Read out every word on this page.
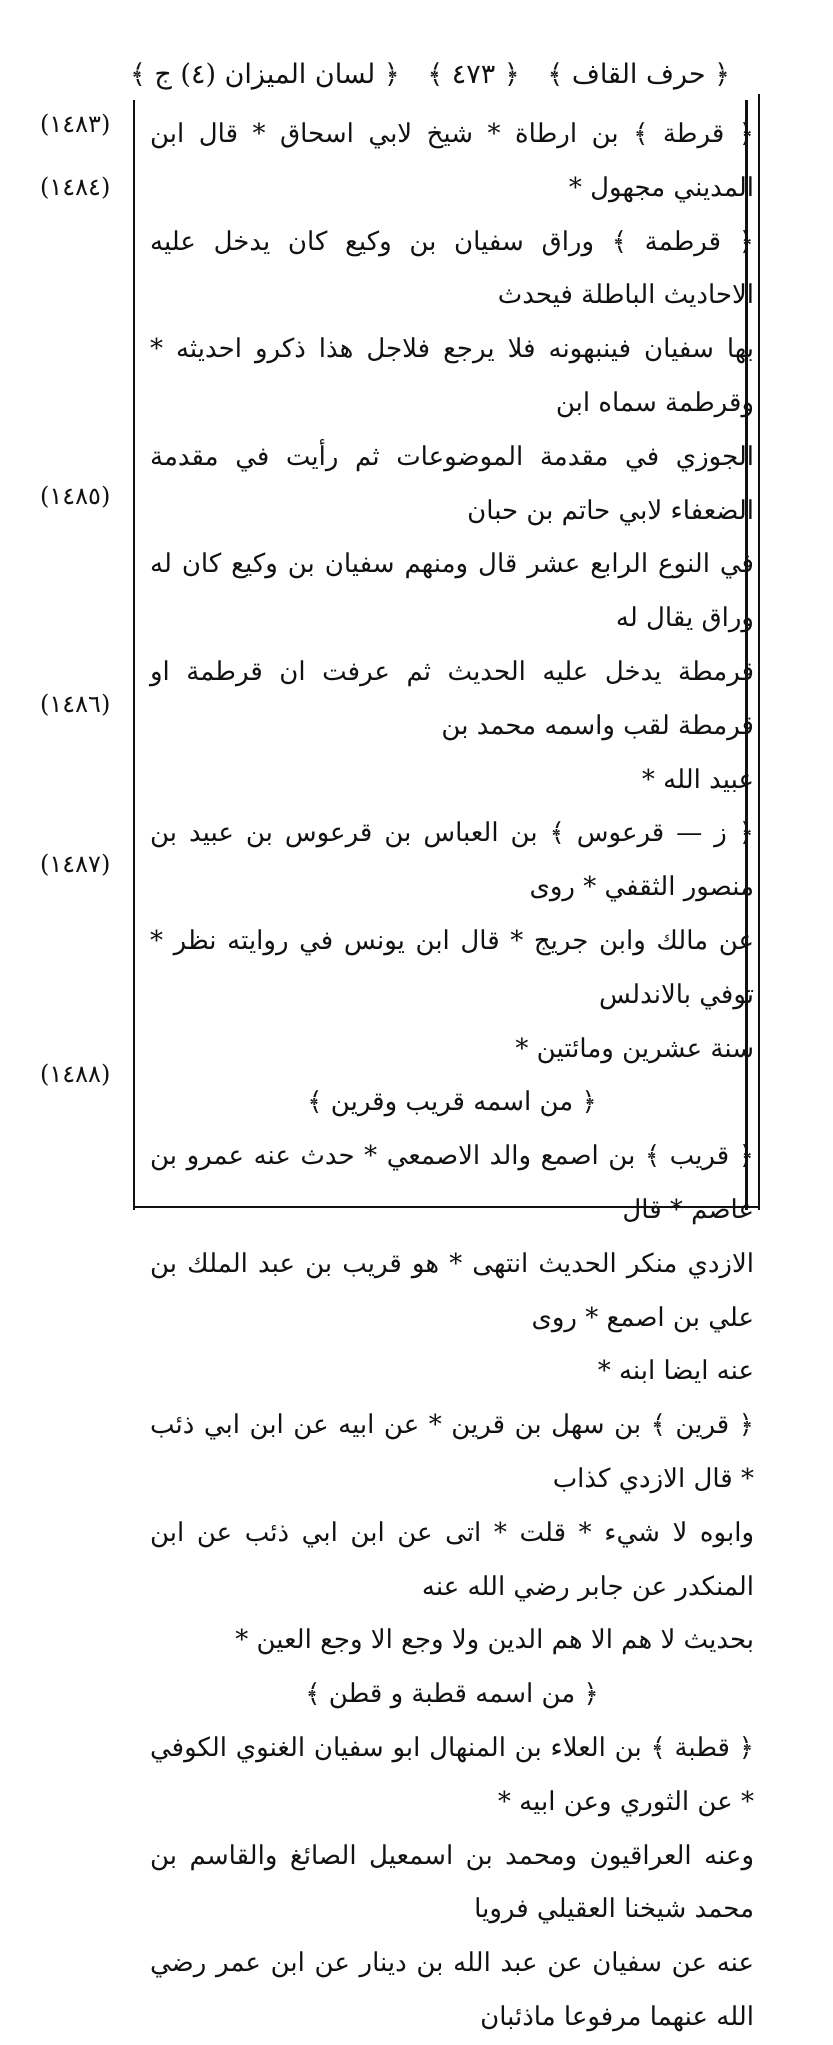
﴿ حرف القاف ﴾
﴿ ٤٧٣ ﴾
﴿ لسان الميزان (٤) ج ﴾
(١٤٨٣)
(١٤٨٤)
(١٤٨٥)
(١٤٨٦)
(١٤٨٧)
(١٤٨٨)

﴿ قرطة ﴾ بن ارطاة * شيخ لابي اسحاق * قال ابن المديني مجهول *

﴿ قرطمة ﴾ وراق سفيان بن وكيع كان يدخل عليه الاحاديث الباطلة فيحدث

بها سفيان فينبهونه فلا يرجع فلاجل هذا ذكرو احديثه * وقرطمة سماه ابن

الجوزي في مقدمة الموضوعات ثم رأيت في مقدمة الضعفاء لابي حاتم بن حبان

في النوع الرابع عشر قال ومنهم سفيان بن وكيع كان له وراق يقال له

قرمطة يدخل عليه الحديث ثم عرفت ان قرطمة او قرمطة لقب واسمه محمد بن

عبيد الله *

﴿ ز — قرعوس ﴾ بن العباس بن قرعوس بن عبيد بن منصور الثقفي * روى

عن مالك وابن جريج * قال ابن يونس في روايته نظر * توفي بالاندلس

سنة عشرين ومائتين *

﴿ من اسمه قريب وقرين ﴾

﴿ قريب ﴾ بن اصمع والد الاصمعي * حدث عنه عمرو بن عاصم * قال

الازدي منكر الحديث انتهى * هو قريب بن عبد الملك بن علي بن اصمع * روى

عنه ايضا ابنه *

﴿ قرين ﴾ بن سهل بن قرين * عن ابيه عن ابن ابي ذئب * قال الازدي كذاب

وابوه لا شيء * قلت * اتى عن ابن ابي ذئب عن ابن المنكدر عن جابر رضي الله عنه

بحديث لا هم الا هم الدين ولا وجع الا وجع العين *

﴿ من اسمه قطبة و قطن ﴾

﴿ قطبة ﴾ بن العلاء بن المنهال ابو سفيان الغنوي الكوفي * عن الثوري وعن ابيه *

وعنه العراقيون ومحمد بن اسمعيل الصائغ والقاسم بن محمد شيخنا العقيلي فرويا

عنه عن سفيان عن عبد الله بن دينار عن ابن عمر رضي الله عنهما مرفوعا ماذئبان
